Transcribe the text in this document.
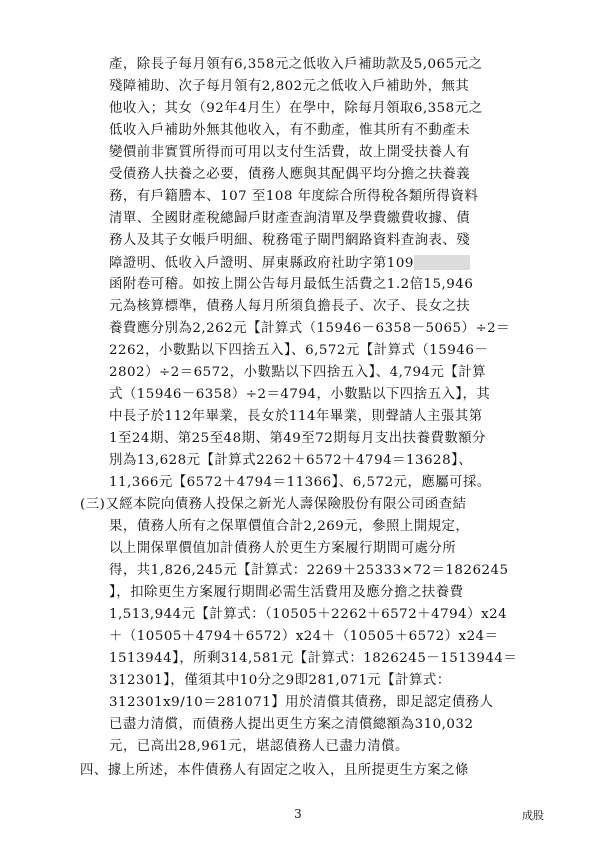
產，除長子每月領有6,358元之低收入戶補助款及5,065元之
殘障補助、次子每月領有2,802元之低收入戶補助外，無其
他收入；其女（92年4月生）在學中，除每月領取6,358元之
低收入戶補助外無其他收入，有不動產，惟其所有不動產未
變價前非實質所得而可用以支付生活費，故上開受扶養人有
受債務人扶養之必要，債務人應與其配偶平均分擔之扶養義
務，有戶籍謄本、107 至108 年度綜合所得稅各類所得資料
清單、全國財產稅總歸戶財產查詢清單及學費繳費收據、債
務人及其子女帳戶明細、稅務電子閘門網路資料查詢表、殘
障證明、低收入戶證明、屏東縣政府社助字第109
函附卷可稽。如按上開公告每月最低生活費之1.2倍15,946
元為核算標準，債務人每月所須負擔長子、次子、長女之扶
養費應分別為2,262元【計算式（15946－6358－5065）÷2＝
2262，小數點以下四捨五入】、6,572元【計算式（15946－
2802）÷2＝6572，小數點以下四捨五入】、4,794元【計算
式（15946－6358）÷2＝4794，小數點以下四捨五入】，其
中長子於112年畢業，長女於114年畢業，則聲請人主張其第
1至24期、第25至48期、第49至72期每月支出扶養費數額分
別為13,628元【計算式2262＋6572＋4794＝13628】、
11,366元【6572＋4794＝11366】、6,572元，應屬可採。
(三)又經本院向債務人投保之新光人壽保險股份有限公司函查結
果，債務人所有之保單價值合計2,269元，參照上開規定，
以上開保單價值加計債務人於更生方案履行期間可處分所
得，共1,826,245元【計算式：2269＋25333×72＝1826245
】，扣除更生方案履行期間必需生活費用及應分擔之扶養費
1,513,944元【計算式：（10505＋2262＋6572＋4794）x24
＋（10505＋4794＋6572）x24＋（10505＋6572）x24＝
1513944】，所剩314,581元【計算式：1826245－1513944＝
312301】，僅須其中10分之9即281,071元【計算式：
312301x9/10＝281071】用於清償其債務，即足認定債務人
已盡力清償，而債務人提出更生方案之清償總額為310,032
元，已高出28,961元，堪認債務人已盡力清償。
四、據上所述，本件債務人有固定之收入，且所提更生方案之條
3	成股
